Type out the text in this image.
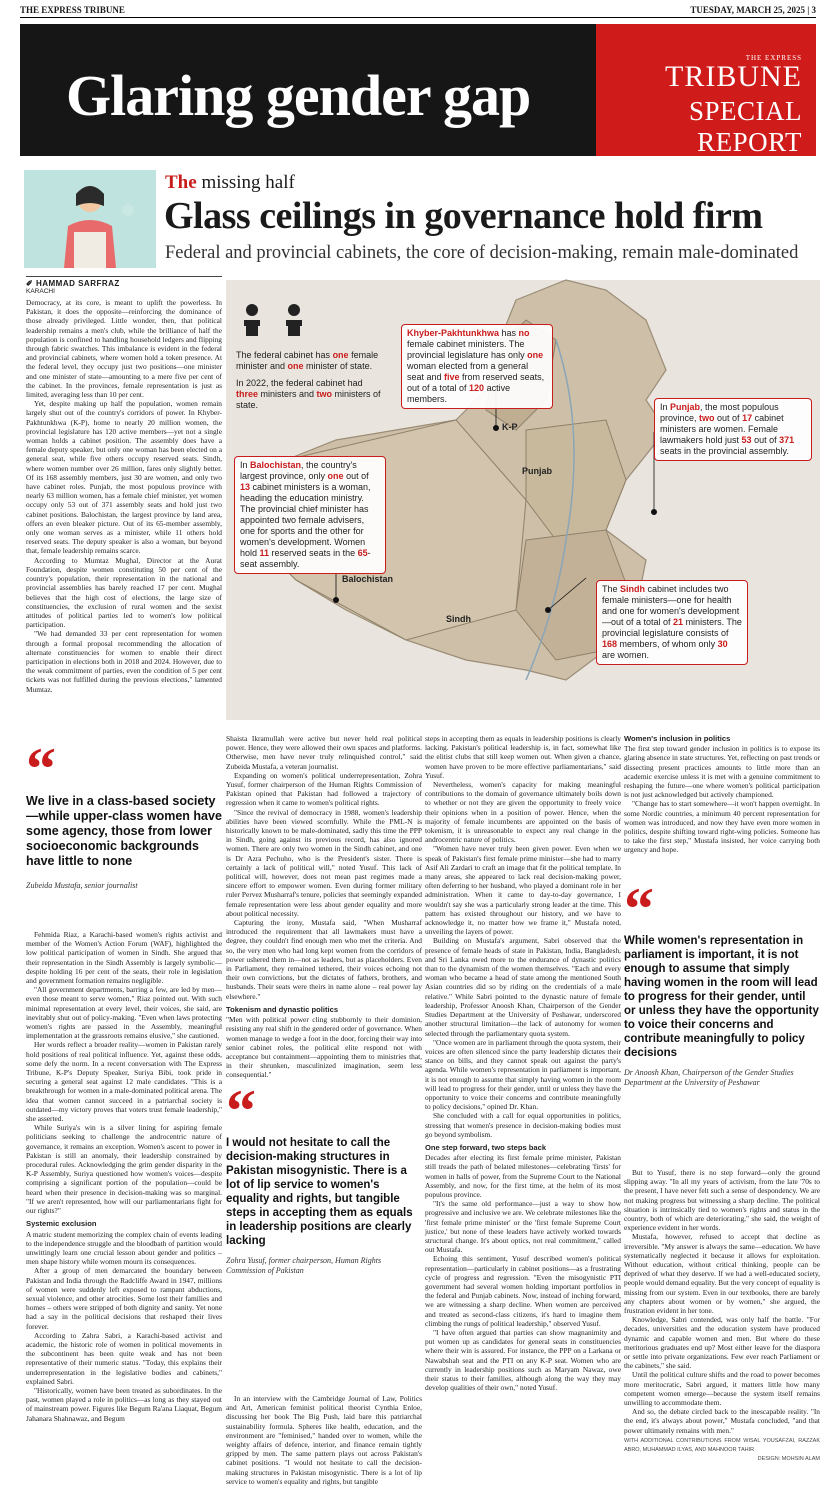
THE EXPRESS TRIBUNE	TUESDAY, MARCH 25, 2025 | 3
Glaring gender gap
THE EXPRESS
TRIBUNE
SPECIAL REPORT
The missing half
Glass ceilings in governance hold firm
Federal and provincial cabinets, the core of decision-making, remain male-dominated
✐ HAMMAD SARFRAZ
KARACHI

Democracy, at its core, is meant to uplift the powerless. In Pakistan, it does the opposite—reinforcing the dominance of those already privileged. Little wonder, then, that political leadership remains a men's club, while the brilliance of half the population is confined to handling household ledgers and flipping through fabric swatches. This imbalance is evident in the federal and provincial cabinets, where women hold a token presence. At the federal level, they occupy just two positions—one minister and one minister of state—amounting to a mere five per cent of the cabinet. In the provinces, female representation is just as limited, averaging less than 10 per cent.

Yet, despite making up half the population, women remain largely shut out of the country's corridors of power. In Khyber-Pakhtunkhwa (K-P), home to nearly 20 million women, the provincial legislature has 120 active members—yet not a single woman holds a cabinet position. The assembly does have a female deputy speaker, but only one woman has been elected on a general seat, while five others occupy reserved seats. Sindh, where women number over 26 million, fares only slightly better. Of its 168 assembly members, just 30 are women, and only two have cabinet roles. Punjab, the most populous province with nearly 63 million women, has a female chief minister, yet women occupy only 53 out of 371 assembly seats and hold just two cabinet positions. Balochistan, the largest province by land area, offers an even bleaker picture. Out of its 65-member assembly, only one woman serves as a minister, while 11 others hold reserved seats. The deputy speaker is also a woman, but beyond that, female leadership remains scarce.

According to Mumtaz Mughal, Director at the Aurat Foundation, despite women constituting 50 per cent of the country's population, their representation in the national and provincial assemblies has barely reached 17 per cent. Mughal believes that the high cost of elections, the large size of constituencies, the exclusion of rural women and the sexist attitudes of political parties led to women's low political participation.

"We had demanded 33 per cent representation for women through a formal proposal recommending the allocation of alternate constituencies for women to enable their direct participation in elections both in 2018 and 2024. However, due to the weak commitment of parties, even the condition of 5 per cent tickets was not fulfilled during the previous elections," lamented Mumtaz.

The federal cabinet has one female minister and one minister of state.
In 2022, the federal cabinet had three ministers and two ministers of state.
Khyber-Pakhtunkhwa has no female cabinet ministers. The provincial legislature has only one woman elected from a general seat and five from reserved seats, out of a total of 120 active members.
In Punjab, the most populous province, two out of 17 cabinet ministers are women. Female lawmakers hold just 53 out of 371 seats in the provincial assembly.
In Balochistan, the country's largest province, only one out of 13 cabinet ministers is a woman, heading the education ministry. The provincial chief minister has appointed two female advisers, one for sports and the other for women's development. Women hold 11 reserved seats in the 65-seat assembly.
The Sindh cabinet includes two female ministers—one for health and one for women's development—out of a total of 21 ministers. The provincial legislature consists of 168 members, of whom only 30 are women.
K-P
Punjab
Balochistan
Sindh
“
We live in a class-based society—while upper-class women have some agency, those from lower socioeconomic backgrounds have little to none
Zubeida Mustafa, senior journalist

Fehmida Riaz, a Karachi-based women's rights activist and member of the Women's Action Forum (WAF), highlighted the low political participation of women in Sindh. She argued that their representation in the Sindh Assembly is largely symbolic—despite holding 16 per cent of the seats, their role in legislation and government formation remains negligible.

"All government departments, barring a few, are led by men—even those meant to serve women," Riaz pointed out. With such minimal representation at every level, their voices, she said, are inevitably shut out of policy-making. "Even when laws protecting women's rights are passed in the Assembly, meaningful implementation at the grassroots remains elusive," she cautioned.

Her words reflect a broader reality—women in Pakistan rarely hold positions of real political influence. Yet, against these odds, some defy the norm. In a recent conversation with The Express Tribune, K-P's Deputy Speaker, Suriya Bibi, took pride in securing a general seat against 12 male candidates. "This is a breakthrough for women in a male-dominated political arena. The idea that women cannot succeed in a patriarchal society is outdated—my victory proves that voters trust female leadership," she asserted.

While Suriya's win is a silver lining for aspiring female politicians seeking to challenge the androcentric nature of governance, it remains an exception. Women's ascent to power in Pakistan is still an anomaly, their leadership constrained by procedural rules. Acknowledging the grim gender disparity in the K-P Assembly, Suriya questioned how women's voices—despite comprising a significant portion of the population—could be heard when their presence in decision-making was so marginal. "If we aren't represented, how will our parliamentarians fight for our rights?"

Systemic exclusion

A matric student memorizing the complex chain of events leading to the independence struggle and the bloodbath of partition would unwittingly learn one crucial lesson about gender and politics – men shape history while women mourn its consequences.

After a group of men demarcated the boundary between Pakistan and India through the Radcliffe Award in 1947, millions of women were suddenly left exposed to rampant abductions, sexual violence, and other atrocities. Some lost their families and homes – others were stripped of both dignity and sanity. Yet none had a say in the political decisions that reshaped their lives forever.

According to Zahra Sabri, a Karachi-based activist and academic, the historic role of women in political movements in the subcontinent has been quite weak and has not been representative of their numeric status. "Today, this explains their underrepresentation in the legislative bodies and cabinets," explained Sabri.

"Historically, women have been treated as subordinates. In the past, women played a role in politics—as long as they stayed out of mainstream power. Figures like Begum Ra'ana Liaquat, Begum Jahanara Shahnawaz, and Begum

Shaista Ikramullah were active but never held real political power. Hence, they were allowed their own spaces and platforms. Otherwise, men have never truly relinquished control," said Zubeida Mustafa, a veteran journalist.

Expanding on women's political underrepresentation, Zohra Yusuf, former chairperson of the Human Rights Commission of Pakistan opined that Pakistan had followed a trajectory of regression when it came to women's political rights.

"Since the revival of democracy in 1988, women's leadership abilities have been viewed scornfully. While the PML-N is historically known to be male-dominated, sadly this time the PPP in Sindh, going against its previous record, has also ignored women. There are only two women in the Sindh cabinet, and one is Dr Azra Pechuho, who is the President's sister. There is certainly a lack of political will," noted Yusuf. This lack of political will, however, does not mean past regimes made a sincere effort to empower women. Even during former military ruler Pervez Musharraf's tenure, policies that seemingly expanded female representation were less about gender equality and more about political necessity.

Capturing the irony, Mustafa said, "When Musharraf introduced the requirement that all lawmakers must have a degree, they couldn't find enough men who met the criteria. And so, the very men who had long kept women from the corridors of power ushered them in—not as leaders, but as placeholders. Even in Parliament, they remained tethered, their voices echoing not their own convictions, but the dictates of fathers, brothers, and husbands. Their seats were theirs in name alone – real power lay elsewhere."

Tokenism and dynastic politics

"Men with political power cling stubbornly to their dominion, resisting any real shift in the gendered order of governance. When women manage to wedge a foot in the door, forcing their way into senior cabinet roles, the political elite respond not with acceptance but containment—appointing them to ministries that, in their shrunken, masculinized imagination, seem less consequential."

“
I would not hesitate to call the decision-making structures in Pakistan misogynistic. There is a lot of lip service to women's equality and rights, but tangible steps in accepting them as equals in leadership positions are clearly lacking
Zohra Yusuf, former chairperson, Human Rights Commission of Pakistan

In an interview with the Cambridge Journal of Law, Politics and Art, American feminist political theorist Cynthia Enloe, discussing her book The Big Push, laid bare this patriarchal sustainability formula. Spheres like health, education, and the environment are "feminised," handed over to women, while the weighty affairs of defence, interior, and finance remain tightly gripped by men. The same pattern plays out across Pakistan's cabinet positions. "I would not hesitate to call the decision-making structures in Pakistan misogynistic. There is a lot of lip service to women's equality and rights, but tangible

steps in accepting them as equals in leadership positions is clearly lacking. Pakistan's political leadership is, in fact, somewhat like the elitist clubs that still keep women out. When given a chance, women have proven to be more effective parliamentarians," said Yusuf.

Nevertheless, women's capacity for making meaningful contributions to the domain of governance ultimately boils down to whether or not they are given the opportunity to freely voice their opinions when in a position of power. Hence, when the majority of female incumbents are appointed on the basis of tokenism, it is unreasonable to expect any real change in the androcentric nature of politics.

"Women have never truly been given power. Even when we speak of Pakistan's first female prime minister—she had to marry Asif Ali Zardari to craft an image that fit the political template. In many areas, she appeared to lack real decision-making power, often deferring to her husband, who played a dominant role in her administration. When it came to day-to-day governance, I wouldn't say she was a particularly strong leader at the time. This pattern has existed throughout our history, and we have to acknowledge it, no matter how we frame it," Mustafa noted, unveiling the layers of power.

Building on Mustafa's argument, Sabri observed that the presence of female heads of state in Pakistan, India, Bangladesh, and Sri Lanka owed more to the endurance of dynastic politics than to the dynamism of the women themselves. "Each and every woman who became a head of state among the mentioned South Asian countries did so by riding on the credentials of a male relative." While Sabri pointed to the dynastic nature of female leadership, Professor Anoosh Khan, Chairperson of the Gender Studies Department at the University of Peshawar, underscored another structural limitation—the lack of autonomy for women selected through the parliamentary quota system.

"Once women are in parliament through the quota system, their voices are often silenced since the party leadership dictates their stance on bills, and they cannot speak out against the party's agenda. While women's representation in parliament is important, it is not enough to assume that simply having women in the room will lead to progress for their gender, until or unless they have the opportunity to voice their concerns and contribute meaningfully to policy decisions," opined Dr. Khan.

She concluded with a call for equal opportunities in politics, stressing that women's presence in decision-making bodies must go beyond symbolism.

One step forward, two steps back

Decades after electing its first female prime minister, Pakistan still treads the path of belated milestones—celebrating 'firsts' for women in halls of power, from the Supreme Court to the National Assembly, and now, for the first time, at the helm of its most populous province.

"It's the same old performance—just a way to show how progressive and inclusive we are. We celebrate milestones like the 'first female prime minister' or the 'first female Supreme Court justice,' but none of these leaders have actively worked towards structural change. It's about optics, not real commitment," called out Mustafa.

Echoing this sentiment, Yusuf described women's political representation—particularly in cabinet positions—as a frustrating cycle of progress and regression. "Even the misogynistic PTI government had several women holding important portfolios in the federal and Punjab cabinets. Now, instead of inching forward, we are witnessing a sharp decline. When women are perceived and treated as second-class citizens, it's hard to imagine them climbing the rungs of political leadership," observed Yusuf.

"I have often argued that parties can show magnanimity and put women up as candidates for general seats in constituencies where their win is assured. For instance, the PPP on a Larkana or Nawabshah seat and the PTI on any K-P seat. Women who are currently in leadership positions such as Maryam Nawaz, owe their status to their families, although along the way they may develop qualities of their own," noted Yusuf.

Women's inclusion in politics

The first step toward gender inclusion in politics is to expose its glaring absence in state structures. Yet, reflecting on past trends or dissecting present practices amounts to little more than an academic exercise unless it is met with a genuine commitment to reshaping the future—one where women's political participation is not just acknowledged but actively championed.

"Change has to start somewhere—it won't happen overnight. In some Nordic countries, a minimum 40 percent representation for women was introduced, and now they have even more women in politics, despite shifting toward right-wing policies. Someone has to take the first step," Mustafa insisted, her voice carrying both urgency and hope.

“
While women's representation in parliament is important, it is not enough to assume that simply having women in the room will lead to progress for their gender, until or unless they have the opportunity to voice their concerns and contribute meaningfully to policy decisions
Dr Anoosh Khan, Chairperson of the Gender Studies Department at the University of Peshawar

But to Yusuf, there is no step forward—only the ground slipping away. "In all my years of activism, from the late '70s to the present, I have never felt such a sense of despondency. We are not making progress but witnessing a sharp decline. The political situation is intrinsically tied to women's rights and status in the country, both of which are deteriorating," she said, the weight of experience evident in her words.

Mustafa, however, refused to accept that decline as irreversible. "My answer is always the same—education. We have systematically neglected it because it allows for exploitation. Without education, without critical thinking, people can be deprived of what they deserve. If we had a well-educated society, people would demand equality. But the very concept of equality is missing from our system. Even in our textbooks, there are barely any chapters about women or by women," she argued, the frustration evident in her tone.

Knowledge, Sabri contended, was only half the battle. "For decades, universities and the education system have produced dynamic and capable women and men. But where do these meritorious graduates end up? Most either leave for the diaspora or settle into private organizations. Few ever reach Parliament or the cabinets," she said.

Until the political culture shifts and the road to power becomes more meritocratic, Sabri argued, it matters little how many competent women emerge—because the system itself remains unwilling to accommodate them.

And so, the debate circled back to the inescapable reality. "In the end, it's always about power," Mustafa concluded, "and that power ultimately remains with men."

WITH ADDITIONAL CONTRIBUTIONS FROM WISAL YOUSAFZAI, RAZZAK ABRO, MUHAMMAD ILYAS, AND MAHNOOR TAHIR
DESIGN: MOHSIN ALAM
